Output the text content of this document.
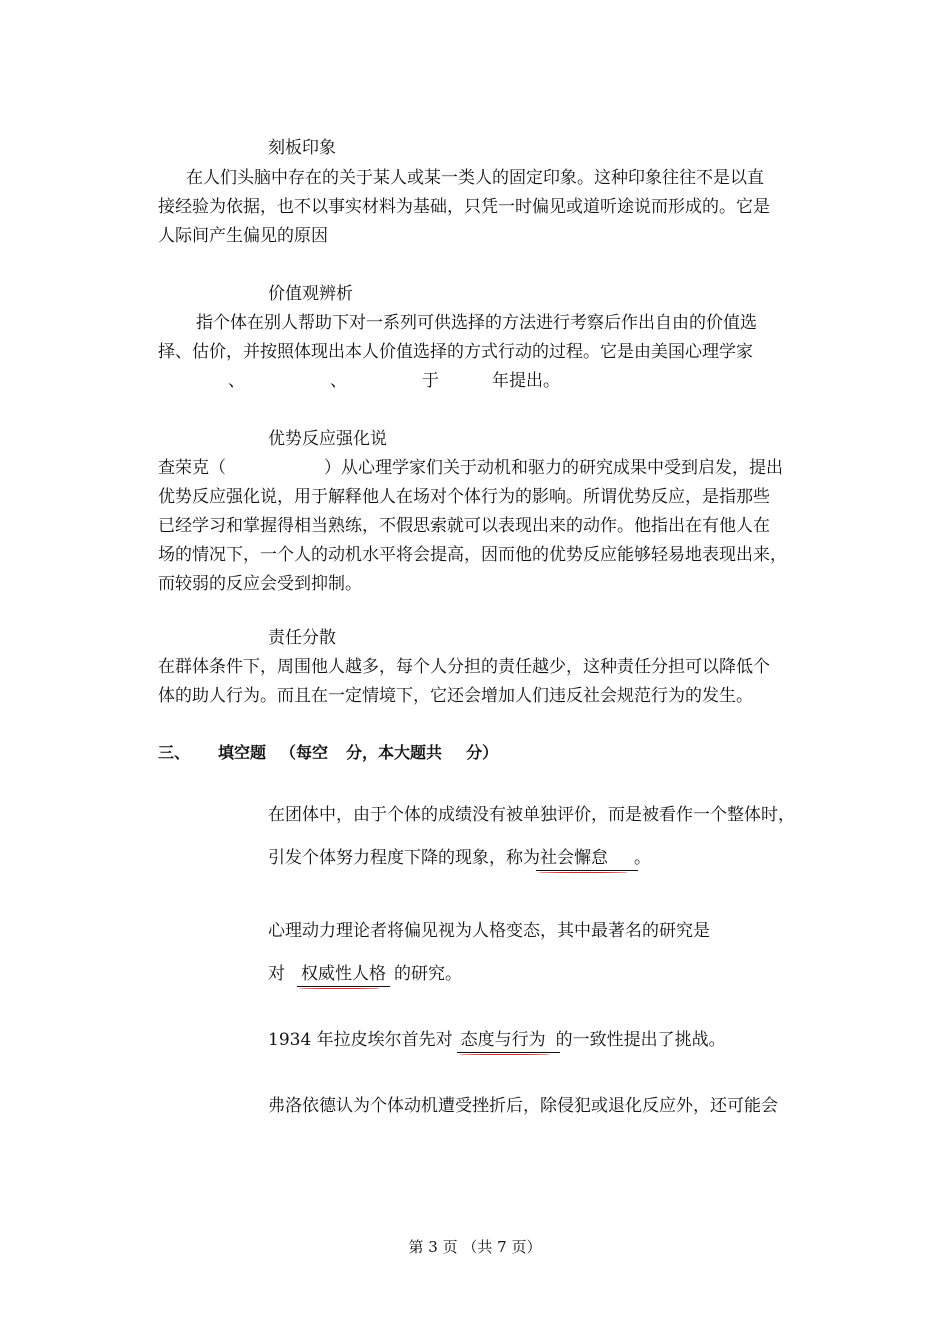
刻板印象
在人们头脑中存在的关于某人或某一类人的固定印象。这种印象往往不是以直
接经验为依据，也不以事实材料为基础，只凭一时偏见或道听途说而形成的。它是
人际间产生偏见的原因
价值观辨析
指个体在别人帮助下对一系列可供选择的方法进行考察后作出自由的价值选
择、估价，并按照体现出本人价值选择的方式行动的过程。它是由美国心理学家
、	、	于	年提出。
优势反应强化说
查荣克（	）从心理学家们关于动机和驱力的研究成果中受到启发，提出
优势反应强化说，用于解释他人在场对个体行为的影响。所谓优势反应，是指那些
已经学习和掌握得相当熟练，不假思索就可以表现出来的动作。他指出在有他人在
场的情况下，一个人的动机水平将会提高，因而他的优势反应能够轻易地表现出来，
而较弱的反应会受到抑制。
责任分散
在群体条件下，周围他人越多，每个人分担的责任越少，这种责任分担可以降低个
体的助人行为。而且在一定情境下，它还会增加人们违反社会规范行为的发生。
三、 填空题 （每空 分，本大题共 分）
在团体中，由于个体的成绩没有被单独评价，而是被看作一个整体时，
引发个体努力程度下降的现象，称为社会懈怠 。
心理动力理论者将偏见视为人格变态，其中最著名的研究是
对 权威性人格 的研究。
1934 年拉皮埃尔首先对 态度与行为 的一致性提出了挑战。
弗洛依德认为个体动机遭受挫折后，除侵犯或退化反应外，还可能会
第 3 页 （共 7 页）
